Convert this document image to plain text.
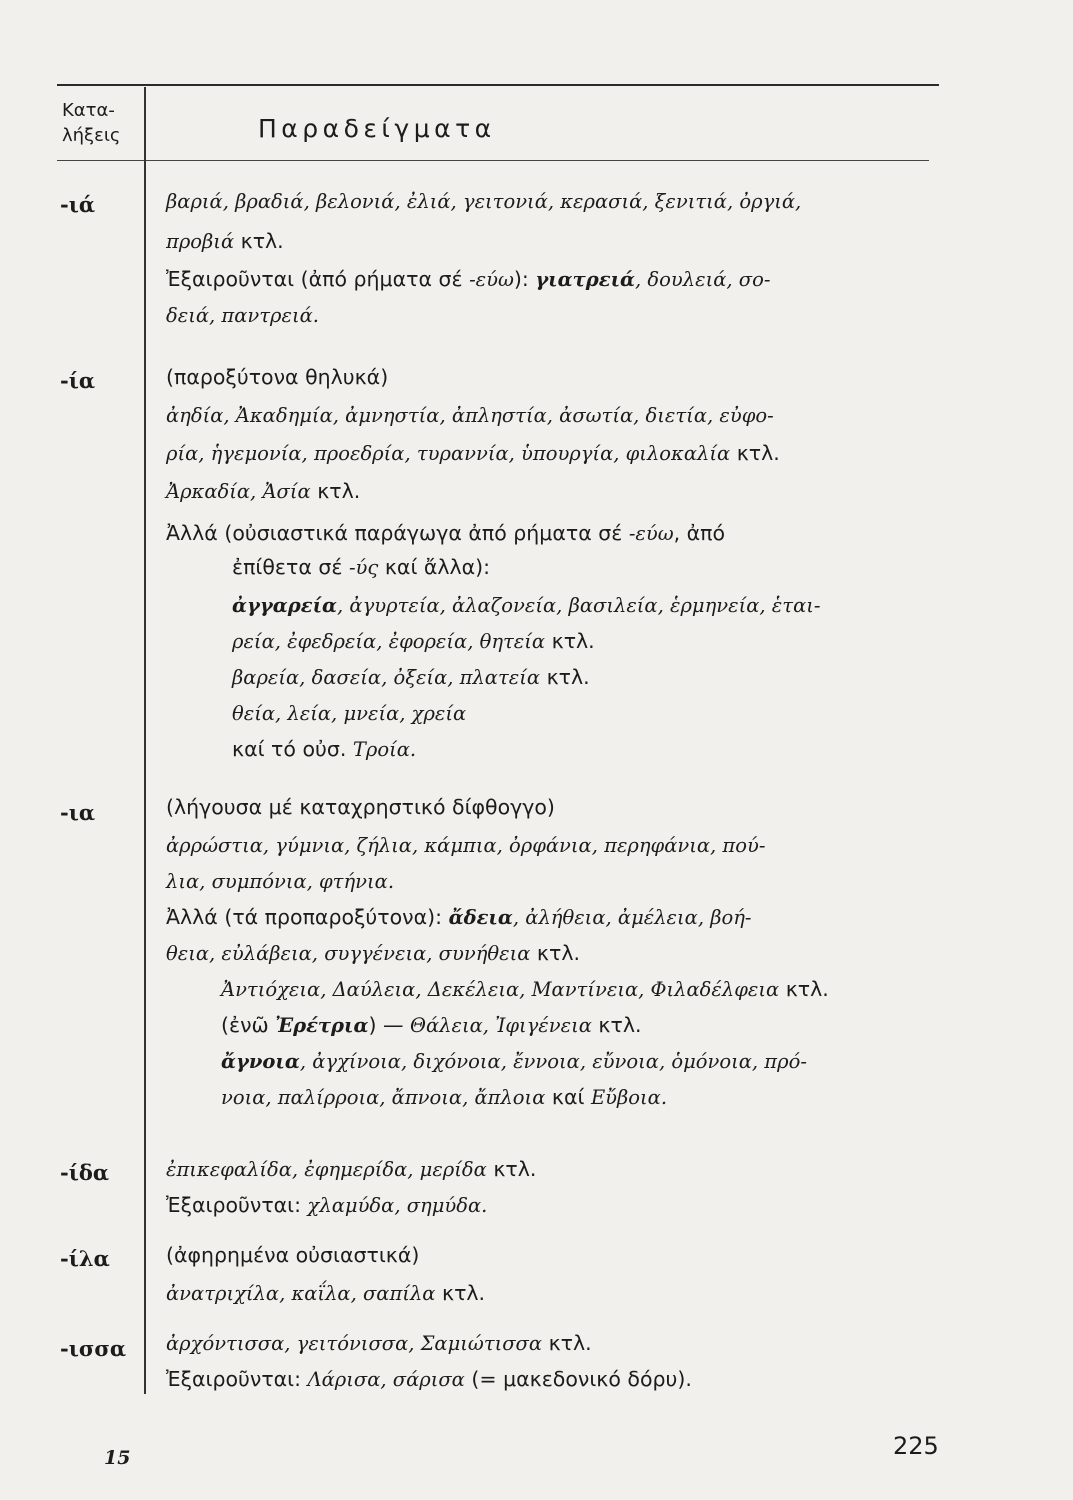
Κατα-
λήξεις	Παραδείγματα
-ιά	βαριά, βραδιά, βελονιά, ἐλιά, γειτονιά, κερασιά, ξενιτιά, ὀργιά,
προβιά κτλ.
Ἐξαιροῦνται (ἀπό ρήματα σέ -εύω): γιατρειά, δουλειά, σο-
δειά, παντρειά.
-ία	(παροξύτονα θηλυκά)
ἀηδία, Ἀκαδημία, ἀμνηστία, ἀπληστία, ἀσωτία, διετία, εὐφο-
ρία, ἡγεμονία, προεδρία, τυραννία, ὑπουργία, φιλοκαλία κτλ.
Ἀρκαδία, Ἀσία κτλ.
Ἀλλά (οὐσιαστικά παράγωγα ἀπό ρήματα σέ -εύω, ἀπό
ἐπίθετα σέ -ύς καί ἄλλα):
ἀγγαρεία, ἀγυρτεία, ἀλαζονεία, βασιλεία, ἑρμηνεία, ἑται-
ρεία, ἐφεδρεία, ἐφορεία, θητεία κτλ.
βαρεία, δασεία, ὀξεία, πλατεία κτλ.
θεία, λεία, μνεία, χρεία
καί τό οὐσ. Τροία.
-ια	(λήγουσα μέ καταχρηστικό δίφθογγο)
ἀρρώστια, γύμνια, ζήλια, κάμπια, ὀρφάνια, περηφάνια, πού-
λια, συμπόνια, φτήνια.
Ἀλλά (τά προπαροξύτονα): ἄδεια, ἀλήθεια, ἀμέλεια, βοή-
θεια, εὐλάβεια, συγγένεια, συνήθεια κτλ.
Ἀντιόχεια, Δαύλεια, Δεκέλεια, Μαντίνεια, Φιλαδέλφεια κτλ.
(ἐνῶ Ἐρέτρια) — Θάλεια, Ἰφιγένεια κτλ.
ἄγνοια, ἀγχίνοια, διχόνοια, ἔννοια, εὔνοια, ὁμόνοια, πρό-
νοια, παλίρροια, ἄπνοια, ἄπλοια καί Εὔβοια.
-ίδα	ἐπικεφαλίδα, ἐφημερίδα, μερίδα κτλ.
Ἐξαιροῦνται: χλαμύδα, σημύδα.
-ίλα	(ἀφηρημένα οὐσιαστικά)
ἀνατριχίλα, καΐλα, σαπίλα κτλ.
-ισσα ἀρχόντισσα, γειτόνισσα, Σαμιώτισσα κτλ.
Ἐξαιροῦνται: Λάρισα, σάρισα (= μακεδονικό δόρυ).
15	225
